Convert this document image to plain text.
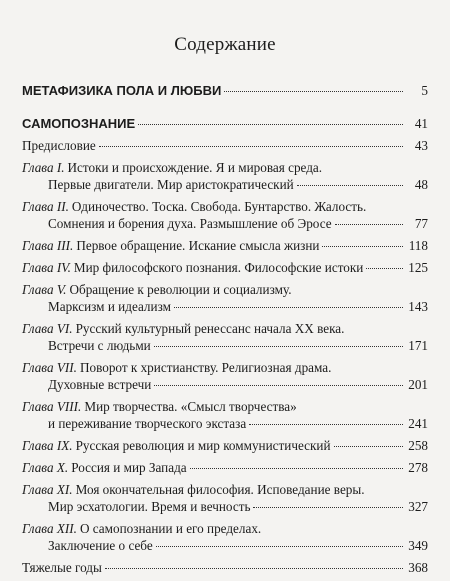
Содержание
МЕТАФИЗИКА ПОЛА И ЛЮБВИ	5
САМОПОЗНАНИЕ	41
Предисловие	43
Глава I. Истоки и происхождение. Я и мировая среда.
Первые двигатели. Мир аристократический	48
Глава II. Одиночество. Тоска. Свобода. Бунтарство. Жалость.
Сомнения и борения духа. Размышление об Эросе	77
Глава III. Первое обращение. Искание смысла жизни	118
Глава IV. Мир философского познания. Философские истоки	125
Глава V. Обращение к революции и социализму.
Марксизм и идеализм	143
Глава VI. Русский культурный ренессанс начала XX века.
Встречи с людьми	171
Глава VII. Поворот к христианству. Религиозная драма.
Духовные встречи	201
Глава VIII. Мир творчества. «Смысл творчества»
и переживание творческого экстаза	241
Глава IX. Русская революция и мир коммунистический	258
Глава X. Россия и мир Запада	278
Глава XI. Моя окончательная философия. Исповедание веры.
Мир эсхатологии. Время и вечность	327
Глава XII. О самопознании и его пределах.
Заключение о себе	349
Тяжелые годы	368
